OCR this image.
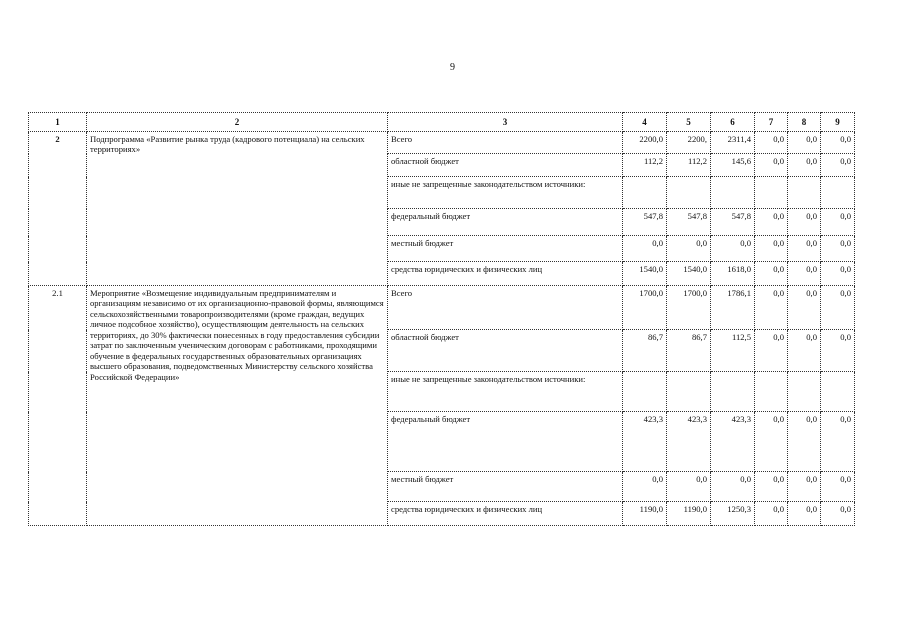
9
1	2	3	4	5	6	7	8	9
2	Подпрограмма «Развитие рынка труда (кадрового потенциала) на сельских территориях»	Всего	2200,0	2200,	2311,4	0,0	0,0	0,0
		областной бюджет	112,2	112,2	145,6	0,0	0,0	0,0
		иные не запрещенные законодательством источники:						
		федеральный бюджет	547,8	547,8	547,8	0,0	0,0	0,0
		местный бюджет	0,0	0,0	0,0	0,0	0,0	0,0
		средства юридических и физических лиц	1540,0	1540,0	1618,0	0,0	0,0	0,0
2.1	Мероприятие «Возмещение индивидуальным предпринимателям и организациям независимо от их организационно-правовой формы, являющимся сельскохозяйственными товаропроизводителями (кроме граждан, ведущих личное подсобное хозяйство), осуществляющим деятельность на сельских территориях, до 30% фактически понесенных в году предоставления субсидии затрат по заключенным ученическим договорам с работниками, проходящими обучение в федеральных государственных образовательных организациях высшего образования, подведомственных Министерству сельского хозяйства Российской Федерации»	Всего	1700,0	1700,0	1786,1	0,0	0,0	0,0
		областной бюджет	86,7	86,7	112,5	0,0	0,0	0,0
		иные не запрещенные законодательством источники:						
		федеральный бюджет	423,3	423,3	423,3	0,0	0,0	0,0
		местный бюджет	0,0	0,0	0,0	0,0	0,0	0,0
		средства юридических и физических лиц	1190,0	1190,0	1250,3	0,0	0,0	0,0
